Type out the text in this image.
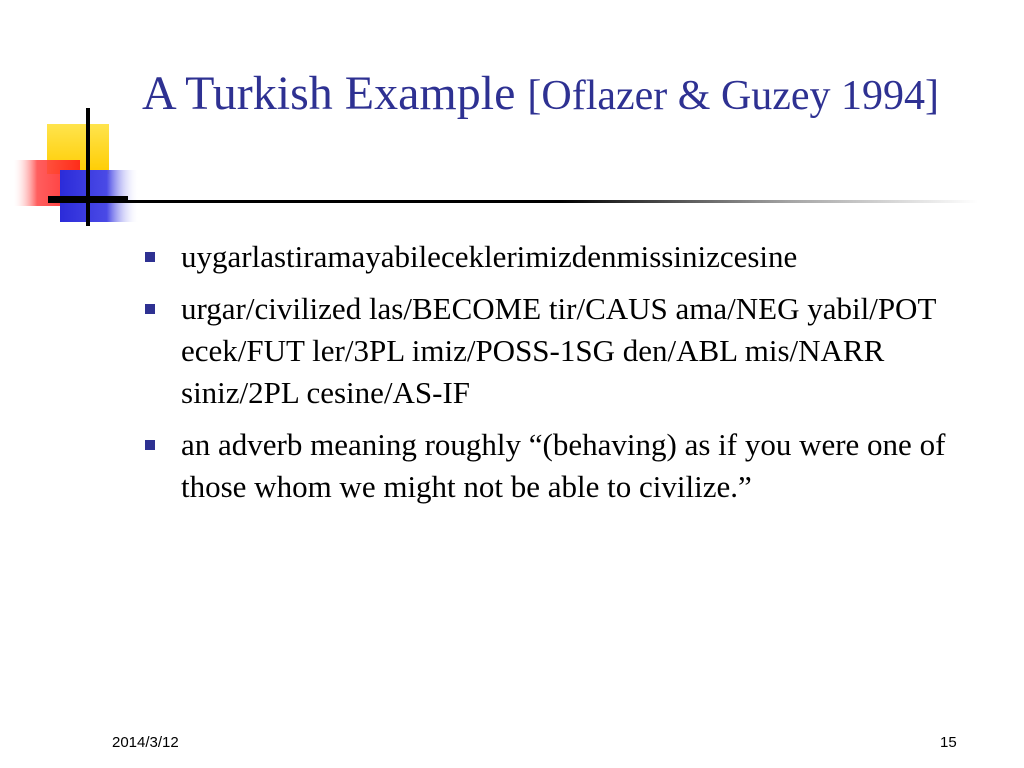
A Turkish Example [Oflazer & Guzey 1994]
uygarlastiramayabileceklerimizdenmissinizcesine
urgar/civilized las/BECOME tir/CAUS ama/NEG yabil/POT ecek/FUT ler/3PL imiz/POSS-1SG den/ABL mis/NARR siniz/2PL cesine/AS-IF
an adverb meaning roughly “(behaving) as if you were one of those whom we might not be able to civilize.”
2014/3/12	15
